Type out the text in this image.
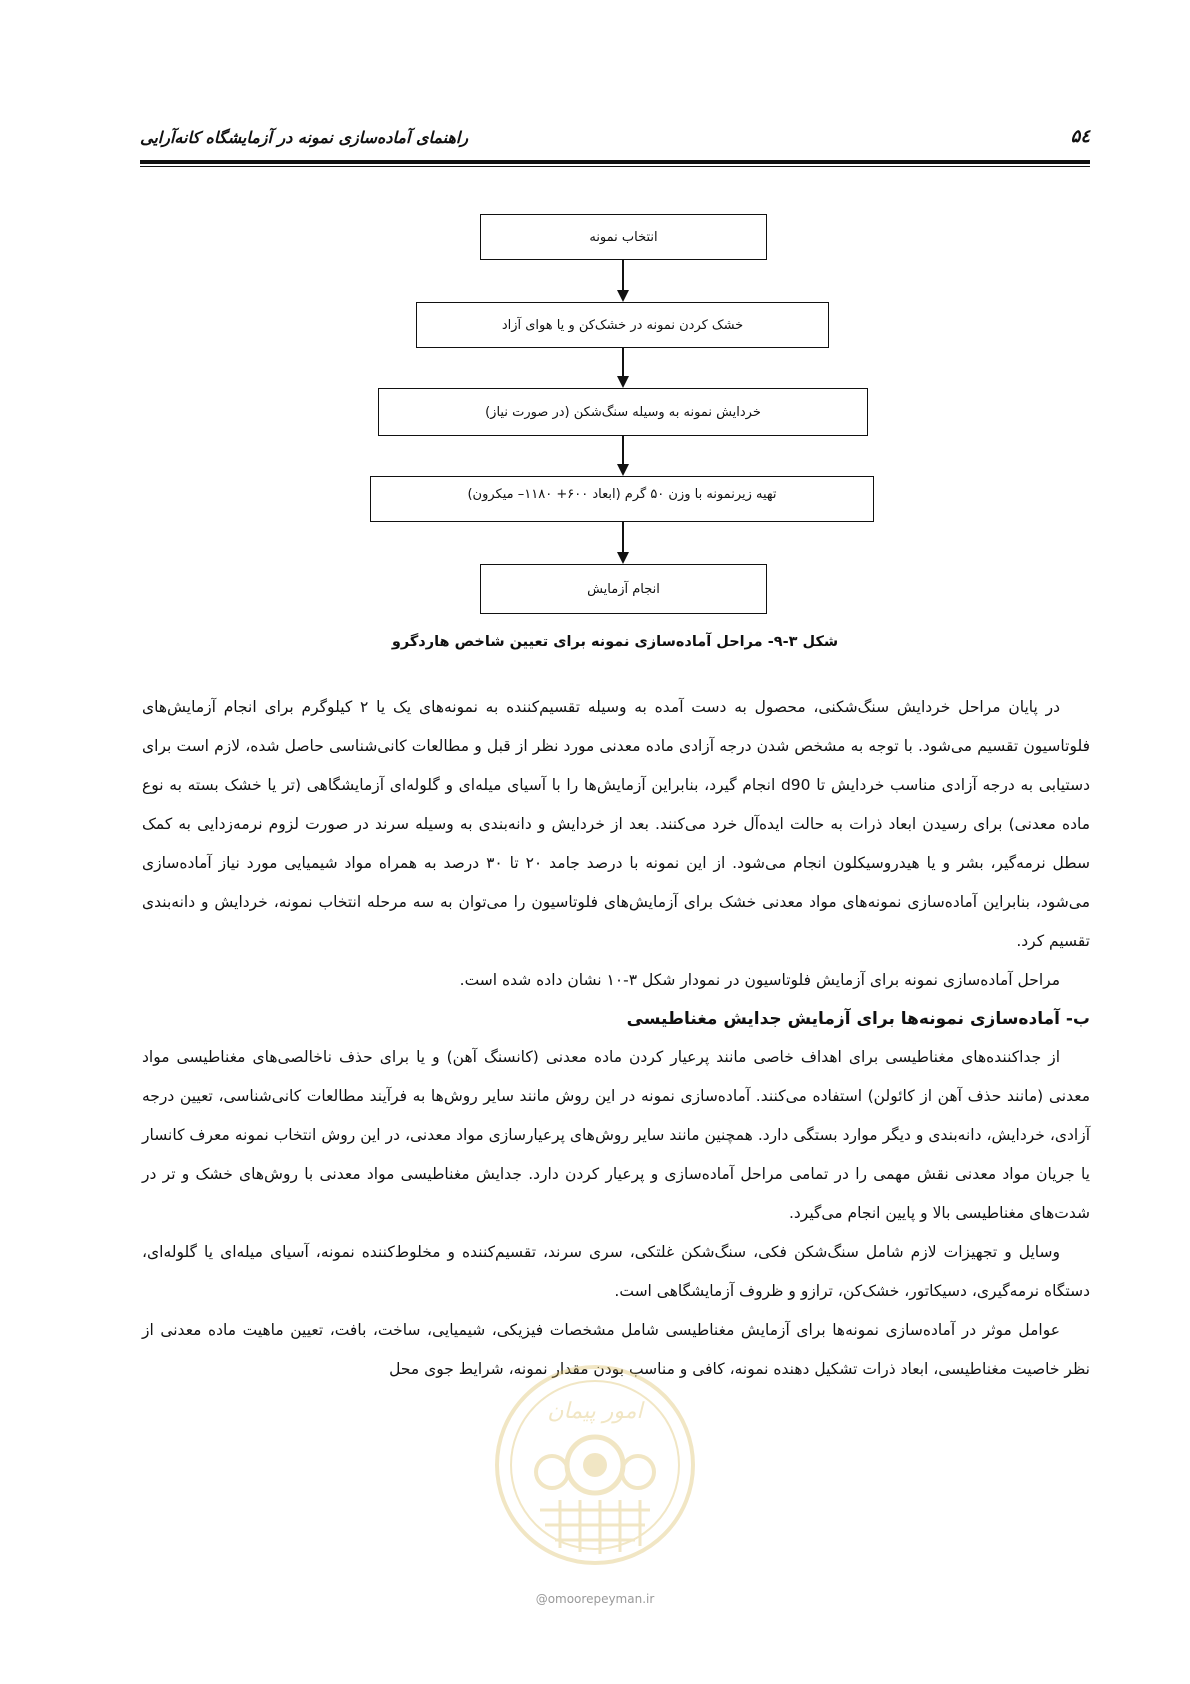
راهنمای آماده‌سازی نمونه در آزمایشگاه کانه‌آرایی	۵٤
انتخاب نمونه
خشک کردن نمونه در خشک‌کن و یا هوای آزاد
خردایش نمونه به وسیله سنگ‌شکن (در صورت نیاز)
تهیه زیرنمونه با وزن ۵۰ گرم (ابعاد ۶۰۰+ ۱۱۸۰– میکرون)
انجام آزمایش
شکل ۳-۹- مراحل آماده‌سازی نمونه برای تعیین شاخص هاردگرو

در پایان مراحل خردایش سنگ‌شکنی، محصول به دست آمده به وسیله تقسیم‌کننده به نمونه‌های یک یا ۲ کیلوگرم برای انجام آزمایش‌های فلوتاسیون تقسیم می‌شود. با توجه به مشخص شدن درجه آزادی ماده معدنی مورد نظر از قبل و مطالعات کانی‌شناسی حاصل شده، لازم است برای دستیابی به درجه آزادی مناسب خردایش تا d90 انجام گیرد، بنابراین آزمایش‌ها را با آسیای میله‌ای و گلوله‌ای آزمایشگاهی (تر یا خشک بسته به نوع ماده معدنی) برای رسیدن ابعاد ذرات به حالت ایده‌آل خرد می‌کنند. بعد از خردایش و دانه‌بندی به وسیله سرند در صورت لزوم نرمه‌زدایی به کمک سطل نرمه‌گیر، بشر و یا هیدروسیکلون انجام می‌شود. از این نمونه با درصد جامد ۲۰ تا ۳۰ درصد به همراه مواد شیمیایی مورد نیاز آماده‌سازی می‌شود، بنابراین آماده‌سازی نمونه‌های مواد معدنی خشک برای آزمایش‌های فلوتاسیون را می‌توان به سه مرحله انتخاب نمونه، خردایش و دانه‌بندی تقسیم کرد.

مراحل آماده‌سازی نمونه برای آزمایش فلوتاسیون در نمودار شکل ۳-۱۰ نشان داده شده است.

ب- آماده‌سازی نمونه‌ها برای آزمایش جدایش مغناطیسی

از جداکننده‌های مغناطیسی برای اهداف خاصی مانند پرعیار کردن ماده معدنی (کانسنگ آهن) و یا برای حذف ناخالصی‌های مغناطیسی مواد معدنی (مانند حذف آهن از کائولن) استفاده می‌کنند. آماده‌سازی نمونه در این روش مانند سایر روش‌ها به فرآیند مطالعات کانی‌شناسی، تعیین درجه آزادی، خردایش، دانه‌بندی و دیگر موارد بستگی دارد. همچنین مانند سایر روش‌های پرعیارسازی مواد معدنی، در این روش انتخاب نمونه معرف کانسار یا جریان مواد معدنی نقش مهمی را در تمامی مراحل آماده‌سازی و پرعیار کردن دارد. جدایش مغناطیسی مواد معدنی با روش‌های خشک و تر در شدت‌های مغناطیسی بالا و پایین انجام می‌گیرد.

وسایل و تجهیزات لازم شامل سنگ‌شکن فکی، سنگ‌شکن غلتکی، سری سرند، تقسیم‌کننده و مخلوط‌کننده نمونه، آسیای میله‌ای یا گلوله‌ای، دستگاه نرمه‌گیری، دسیکاتور، خشک‌کن، ترازو و ظروف آزمایشگاهی است.

عوامل موثر در آماده‌سازی نمونه‌ها برای آزمایش مغناطیسی شامل مشخصات فیزیکی، شیمیایی، ساخت، بافت، تعیین ماهیت ماده معدنی از نظر خاصیت مغناطیسی، ابعاد ذرات تشکیل دهنده نمونه، کافی و مناسب بودن مقدار نمونه، شرایط جوی محل

امور پیمان
@omoorepeyman.ir
